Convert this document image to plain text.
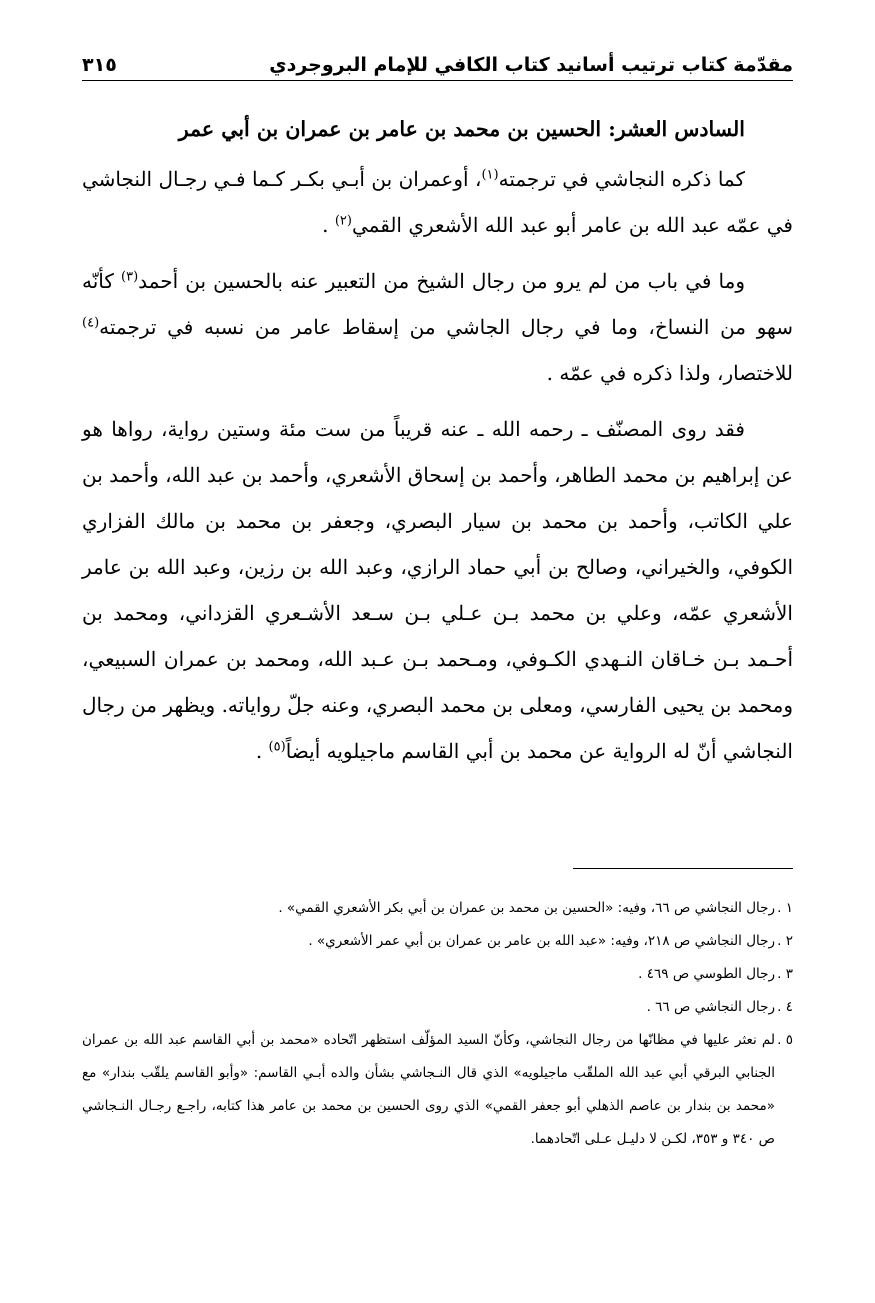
مقدّمة كتاب ترتيب أسانيد كتاب الكافي للإمام البروجردي
٣١٥

السادس العشر: الحسين بن محمد بن عامر بن عمران بن أبي عمر

كما ذكره النجاشي في ترجمته$^{(١)}$، أوعمران بن أبـي بكـر كـما فـي رجـال النجاشي في عمّه عبد الله بن عامر أبو عبد الله الأشعري القمي$^{(٢)}$ .

وما في باب من لم يرو من رجال الشيخ من التعبير عنه بالحسين بن أحمد$^{(٣)}$ كأنّه سهو من النساخ، وما في رجال الجاشي من إسقاط عامر من نسبه في ترجمته$^{(٤)}$ للاختصار، ولذا ذكره في عمّه .

فقد روى المصنّف ـ رحمه الله ـ عنه قريباً من ست مئة وستين رواية، رواها هو عن إبراهيم بن محمد الطاهر، وأحمد بن إسحاق الأشعري، وأحمد بن عبد الله، وأحمد بن علي الكاتب، وأحمد بن محمد بن سيار البصري، وجعفر بن محمد بن مالك الفزاري الكوفي، والخيراني، وصالح بن أبي حماد الرازي، وعبد الله بن رزين، وعبد الله بن عامر الأشعري عمّه، وعلي بن محمد بـن عـلي بـن سـعد الأشـعري القزداني، ومحمد بن أحـمد بـن خـاقان النـهدي الكـوفي، ومـحمد بـن عـبد الله، ومحمد بن عمران السبيعي، ومحمد بن يحيى الفارسي، ومعلى بن محمد البصري، وعنه جلّ رواياته. ويظهر من رجال النجاشي أنّ له الرواية عن محمد بن أبي القاسم ماجيلويه أيضاً$^{(٥)}$ .

١ .رجال النجاشي ص ٦٦، وفيه: «الحسين بن محمد بن عمران بن أبي بكر الأشعري القمي» .

٢ .رجال النجاشي ص ٢١٨، وفيه: «عبد الله بن عامر بن عمران بن أبي عمر الأشعري» .

٣ .رجال الطوسي ص ٤٦٩ .

٤ .رجال النجاشي ص ٦٦ .

٥ .لم نعثر عليها في مظانّها من رجال النجاشي، وكأنّ السيد المؤلّف استظهر اتّحاده «محمد بن أبي القاسم عبد الله بن عمران الجنابي البرقي أبي عبد الله الملقّب ماجيلويه» الذي قال النـجاشي بشأن والده أبـي القاسم: «وأبو القاسم يلقّب بندار» مع «محمد بن بندار بن عاصم الذهلي أبو جعفر القمي» الذي روى الحسين بن محمد بن عامر هذا كتابه، راجـع رجـال النـجاشي ص ٣٤٠ و ٣٥٣، لكـن لا دليـل عـلى اتّحادهما.
